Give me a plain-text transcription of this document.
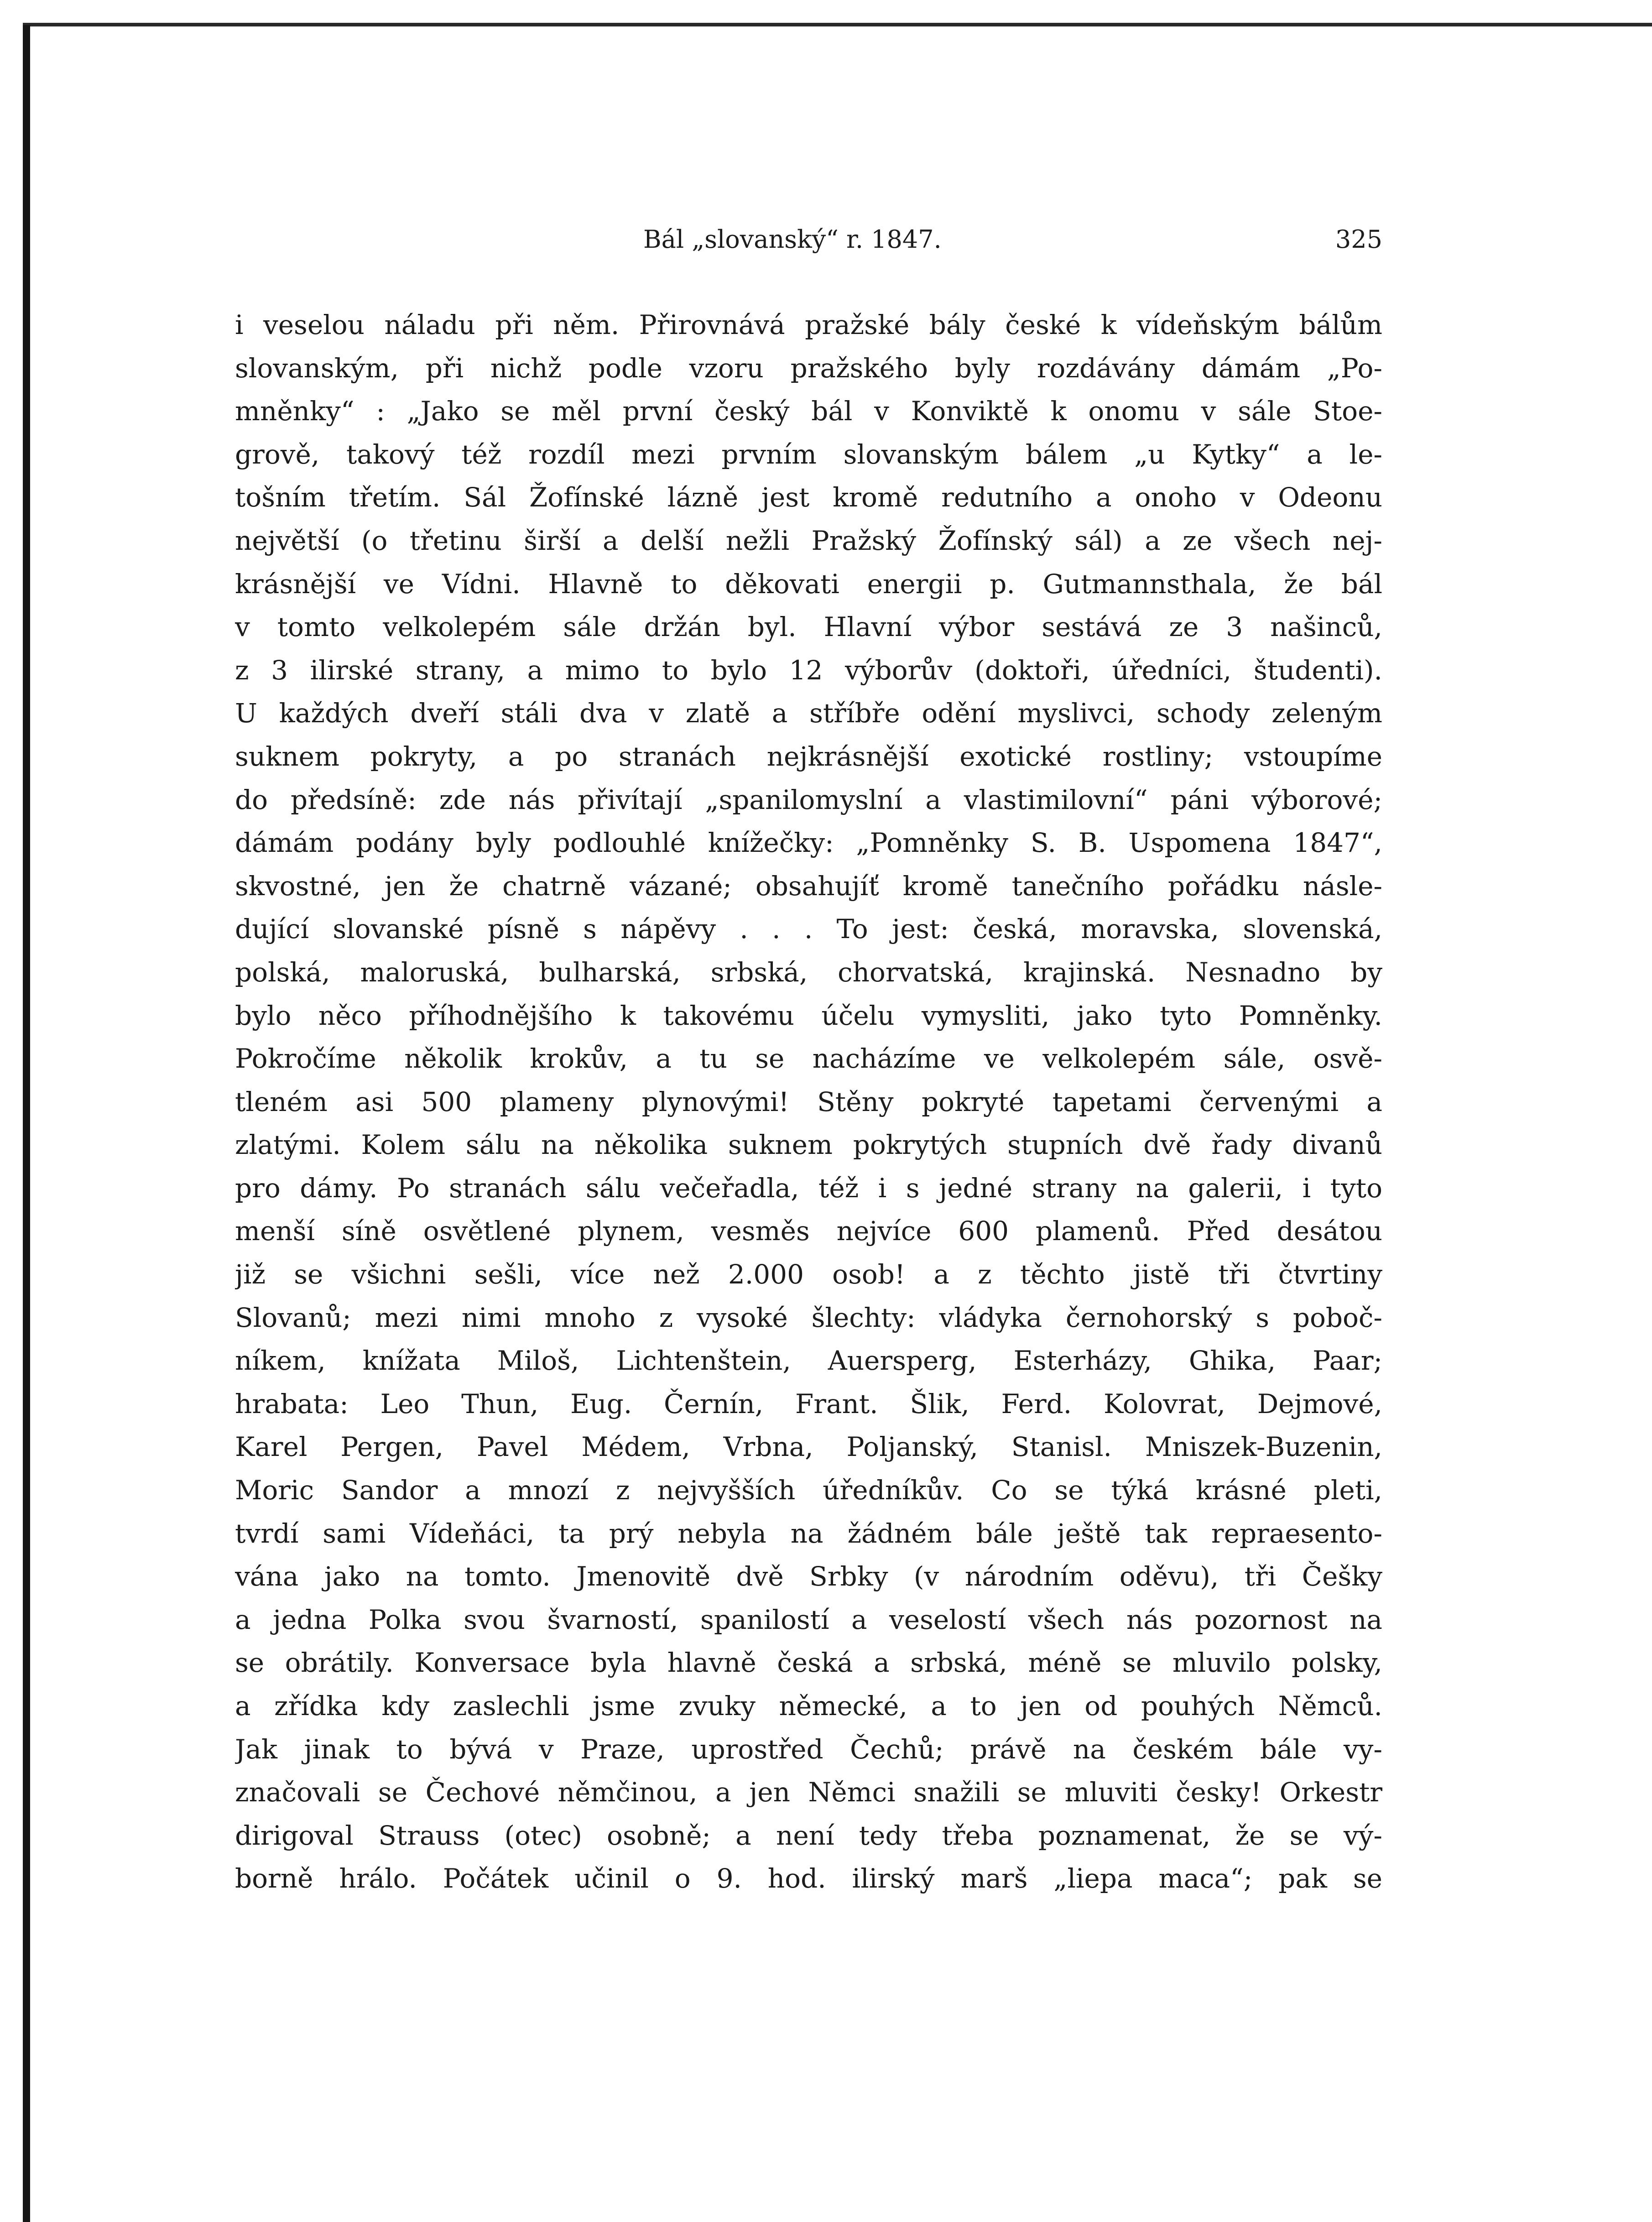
Bál „slovanský“ r. 1847.	325
i veselou náladu při něm. Přirovnává pražské bály české k vídeňským bálům
slovanským, při nichž podle vzoru pražského byly rozdávány dámám „Po-
mněnky“ : „Jako se měl první český bál v Konviktě k onomu v sále Stoe-
grově, takový též rozdíl mezi prvním slovanským bálem „u Kytky“ a le-
tošním třetím. Sál Žofínské lázně jest kromě redutního a onoho v Odeonu
největší (o třetinu širší a delší nežli Pražský Žofínský sál) a ze všech nej-
krásnější ve Vídni. Hlavně to děkovati energii p. Gutmannsthala, že bál
v tomto velkolepém sále držán byl. Hlavní výbor sestává ze 3 našinců,
z 3 ilirské strany, a mimo to bylo 12 výborův (doktoři, úředníci, študenti).
U každých dveří stáli dva v zlatě a stříbře odění myslivci, schody zeleným
suknem pokryty, a po stranách nejkrásnější exotické rostliny; vstoupíme
do předsíně: zde nás přivítají „spanilomyslní a vlastimilovní“ páni výborové;
dámám podány byly podlouhlé knížečky: „Pomněnky S. B. Uspomena 1847“,
skvostné, jen že chatrně vázané; obsahujíť kromě tanečního pořádku násle-
dující slovanské písně s nápěvy . . . To jest: česká, moravska, slovenská,
polská, maloruská, bulharská, srbská, chorvatská, krajinská. Nesnadno by
bylo něco příhodnějšího k takovému účelu vymysliti, jako tyto Pomněnky.
Pokročíme několik krokův, a tu se nacházíme ve velkolepém sále, osvě-
tleném asi 500 plameny plynovými! Stěny pokryté tapetami červenými a
zlatými. Kolem sálu na několika suknem pokrytých stupních dvě řady divanů
pro dámy. Po stranách sálu večeřadla, též i s jedné strany na galerii, i tyto
menší síně osvětlené plynem, vesměs nejvíce 600 plamenů. Před desátou
již se všichni sešli, více než 2.000 osob! a z těchto jistě tři čtvrtiny
Slovanů; mezi nimi mnoho z vysoké šlechty: vládyka černohorský s poboč-
níkem, knížata Miloš, Lichtenštein, Auersperg, Esterházy, Ghika, Paar;
hrabata: Leo Thun, Eug. Černín, Frant. Šlik, Ferd. Kolovrat, Dejmové,
Karel Pergen, Pavel Médem, Vrbna, Poljanský, Stanisl. Mniszek-Buzenin,
Moric Sandor a mnozí z nejvyšších úředníkův. Co se týká krásné pleti,
tvrdí sami Vídeňáci, ta prý nebyla na žádném bále ještě tak repraesento-
vána jako na tomto. Jmenovitě dvě Srbky (v národním oděvu), tři Češky
a jedna Polka svou švarností, spanilostí a veselostí všech nás pozornost na
se obrátily. Konversace byla hlavně česká a srbská, méně se mluvilo polsky,
a zřídka kdy zaslechli jsme zvuky německé, a to jen od pouhých Němců.
Jak jinak to bývá v Praze, uprostřed Čechů; právě na českém bále vy-
značovali se Čechové němčinou, a jen Němci snažili se mluviti česky! Orkestr
dirigoval Strauss (otec) osobně; a není tedy třeba poznamenat, že se vý-
borně hrálo. Počátek učinil o 9. hod. ilirský marš „liepa maca“; pak se
